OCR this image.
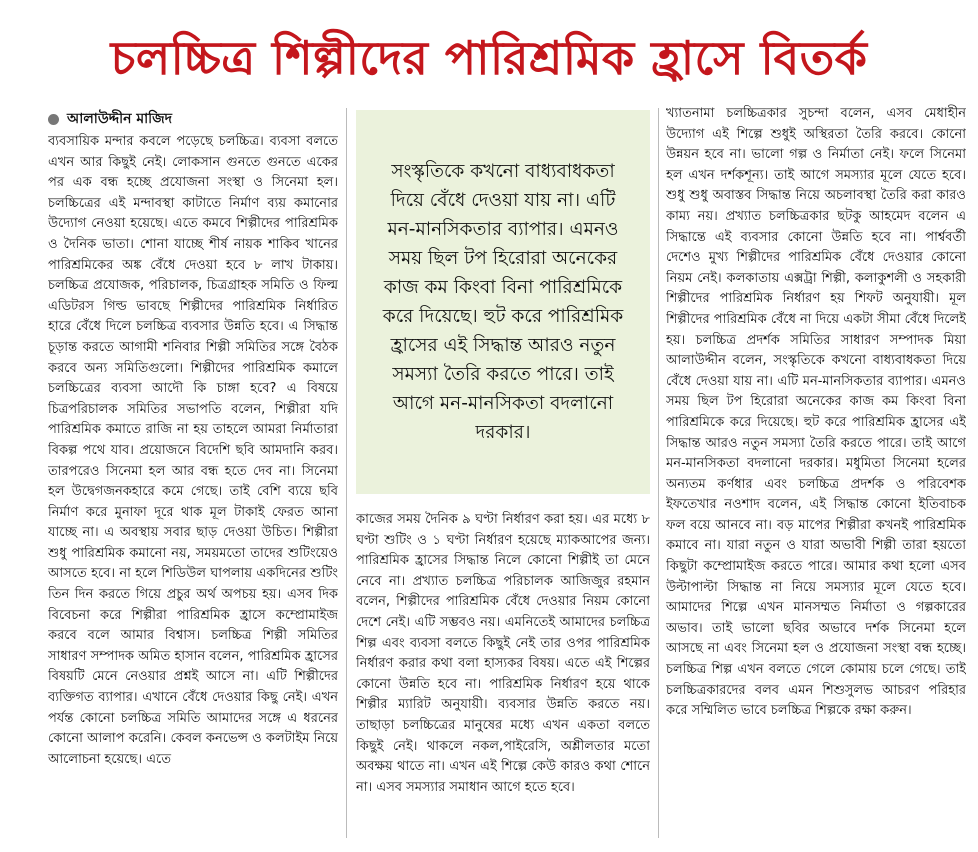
চলচ্চিত্র শিল্পীদের পারিশ্রমিক হ্রাসে বিতর্ক
আলাউদ্দীন মাজিদ

ব্যবসায়িক মন্দার কবলে পড়েছে চলচ্চিত্র। ব্যবসা বলতে এখন আর কিছুই নেই। লোকসান গুনতে গুনতে একের পর এক বন্ধ হচ্ছে প্রযোজনা সংস্থা ও সিনেমা হল। চলচ্চিত্রের এই মন্দাবস্থা কাটাতে নির্মাণ ব্যয় কমানোর উদ্যোগ নেওয়া হয়েছে। এতে কমবে শিল্পীদের পারিশ্রমিক ও দৈনিক ভাতা। শোনা যাচ্ছে শীর্ষ নায়ক শাকিব খানের পারিশ্রমিকের অঙ্ক বেঁধে দেওয়া হবে ৮ লাখ টাকায়। চলচ্চিত্র প্রযোজক, পরিচালক, চিত্রগ্রাহক সমিতি ও ফিল্ম এডিটরস গিল্ড ভাবছে শিল্পীদের পারিশ্রমিক নির্ধারিত হারে বেঁধে দিলে চলচ্চিত্র ব্যবসার উন্নতি হবে। এ সিদ্ধান্ত চূড়ান্ত করতে আগামী শনিবার শিল্পী সমিতির সঙ্গে বৈঠক করবে অন্য সমিতিগুলো। শিল্পীদের পারিশ্রমিক কমালে চলচ্চিত্রের ব্যবসা আদৌ কি চাঙ্গা হবে? এ বিষয়ে চিত্রপরিচালক সমিতির সভাপতি বলেন, শিল্পীরা যদি পারিশ্রমিক কমাতে রাজি না হয় তাহলে আমরা নির্মাতারা বিকল্প পথে যাব। প্রয়োজনে বিদেশি ছবি আমদানি করব। তারপরেও সিনেমা হল আর বন্ধ হতে দেব না। সিনেমা হল উদ্বেগজনকহারে কমে গেছে। তাই বেশি ব্যয়ে ছবি নির্মাণ করে মুনাফা দূরে থাক মূল টাকাই ফেরত আনা যাচ্ছে না। এ অবস্থায় সবার ছাড় দেওয়া উচিত। শিল্পীরা শুধু পারিশ্রমিক কমানো নয়, সময়মতো তাদের শুটিংয়েও আসতে হবে। না হলে শিডিউল ঘাপলায় একদিনের শুটিং তিন দিন করতে গিয়ে প্রচুর অর্থ অপচয় হয়। এসব দিক বিবেচনা করে শিল্পীরা পারিশ্রমিক হ্রাসে কম্প্রোমাইজ করবে বলে আমার বিশ্বাস। চলচ্চিত্র শিল্পী সমিতির সাধারণ সম্পাদক অমিত হাসান বলেন, পারিশ্রমিক হ্রাসের বিষয়টি মেনে নেওয়ার প্রশ্নই আসে না। এটি শিল্পীদের ব্যক্তিগত ব্যাপার। এখানে বেঁধে দেওয়ার কিছু নেই। এখন পর্যন্ত কোনো চলচ্চিত্র সমিতি আমাদের সঙ্গে এ ধরনের কোনো আলাপ করেনি। কেবল কনভেন্স ও কলটাইম নিয়ে আলোচনা হয়েছে। এতে

সংস্কৃতিকে কখনো বাধ্যবাধকতা দিয়ে বেঁধে দেওয়া যায় না। এটি মন-মানসিকতার ব্যাপার। এমনও সময় ছিল টপ হিরোরা অনেকের কাজ কম কিংবা বিনা পারিশ্রমিকে করে দিয়েছে। হুট করে পারিশ্রমিক হ্রাসের এই সিদ্ধান্ত আরও নতুন সমস্যা তৈরি করতে পারে। তাই আগে মন-মানসিকতা বদলানো দরকার।

কাজের সময় দৈনিক ৯ ঘণ্টা নির্ধারণ করা হয়। এর মধ্যে ৮ ঘণ্টা শুটিং ও ১ ঘণ্টা নির্ধারণ হয়েছে ম্যাকআপের জন্য। পারিশ্রমিক হ্রাসের সিদ্ধান্ত নিলে কোনো শিল্পীই তা মেনে নেবে না। প্রখ্যাত চলচ্চিত্র পরিচালক আজিজুর রহমান বলেন, শিল্পীদের পারিশ্রমিক বেঁধে দেওয়ার নিয়ম কোনো দেশে নেই। এটি সম্ভবও নয়। এমনিতেই আমাদের চলচ্চিত্র শিল্প এবং ব্যবসা বলতে কিছুই নেই তার ওপর পারিশ্রমিক নির্ধারণ করার কথা বলা হাস্যকর বিষয়। এতে এই শিল্পের কোনো উন্নতি হবে না। পারিশ্রমিক নির্ধারণ হয়ে থাকে শিল্পীর ম্যারিট অনুযায়ী। ব্যবসার উন্নতি করতে নয়। তাছাড়া চলচ্চিত্রের মানুষের মধ্যে এখন একতা বলতে কিছুই নেই। থাকলে নকল,পাইরেসি, অশ্লীলতার মতো অবক্ষয় থাতে না। এখন এই শিল্পে কেউ কারও কথা শোনে না। এসব সমস্যার সমাধান আগে হতে হবে।

খ্যাতনামা চলচ্চিত্রকার সুচন্দা বলেন, এসব মেধাহীন উদ্যোগ এই শিল্পে শুধুই অস্থিরতা তৈরি করবে। কোনো উন্নয়ন হবে না। ভালো গল্প ও নির্মাতা নেই। ফলে সিনেমা হল এখন দর্শকশূন্য। তাই আগে সমস্যার মূলে যেতে হবে। শুধু শুধু অবাস্তব সিদ্ধান্ত নিয়ে অচলাবস্থা তৈরি করা কারও কাম্য নয়। প্রখ্যাত চলচ্চিত্রকার ছটকু আহমেদ বলেন এ সিদ্ধান্তে এই ব্যবসার কোনো উন্নতি হবে না। পার্শ্ববর্তী দেশেও মুখ্য শিল্পীদের পারিশ্রমিক বেঁধে দেওয়ার কোনো নিয়ম নেই। কলকাতায় এক্সট্রা শিল্পী, কলাকুশলী ও সহকারী শিল্পীদের পারিশ্রমিক নির্ধারণ হয় শিফট অনুযায়ী। মূল শিল্পীদের পারিশ্রমিক বেঁধে না দিয়ে একটা সীমা বেঁধে দিলেই হয়। চলচ্চিত্র প্রদর্শক সমিতির সাধারণ সম্পাদক মিয়া আলাউদ্দীন বলেন, সংস্কৃতিকে কখনো বাধ্যবাধকতা দিয়ে বেঁধে দেওয়া যায় না। এটি মন-মানসিকতার ব্যাপার। এমনও সময় ছিল টপ হিরোরা অনেকের কাজ কম কিংবা বিনা পারিশ্রমিকে করে দিয়েছে। হুট করে পারিশ্রমিক হ্রাসের এই সিদ্ধান্ত আরও নতুন সমস্যা তৈরি করতে পারে। তাই আগে মন-মানসিকতা বদলানো দরকার। মধুমিতা সিনেমা হলের অন্যতম কর্ণধার এবং চলচ্চিত্র প্রদর্শক ও পরিবেশক ইফতেখার নওশাদ বলেন, এই সিদ্ধান্ত কোনো ইতিবাচক ফল বয়ে আনবে না। বড় মাপের শিল্পীরা কখনই পারিশ্রমিক কমাবে না। যারা নতুন ও যারা অভাবী শিল্পী তারা হয়তো কিছুটা কম্প্রোমাইজ করতে পারে। আমার কথা হলো এসব উল্টাপাল্টা সিদ্ধান্ত না নিয়ে সমস্যার মূলে যেতে হবে। আমাদের শিল্পে এখন মানসম্মত নির্মাতা ও গল্পকারের অভাব। তাই ভালো ছবির অভাবে দর্শক সিনেমা হলে আসছে না এবং সিনেমা হল ও প্রযোজনা সংস্থা বন্ধ হচ্ছে। চলচ্চিত্র শিল্প এখন বলতে গেলে কোমায় চলে গেছে। তাই চলচ্চিত্রকারদের বলব এমন শিশুসুলভ আচরণ পরিহার করে সম্মিলিত ভাবে চলচ্চিত্র শিল্পকে রক্ষা করুন।
